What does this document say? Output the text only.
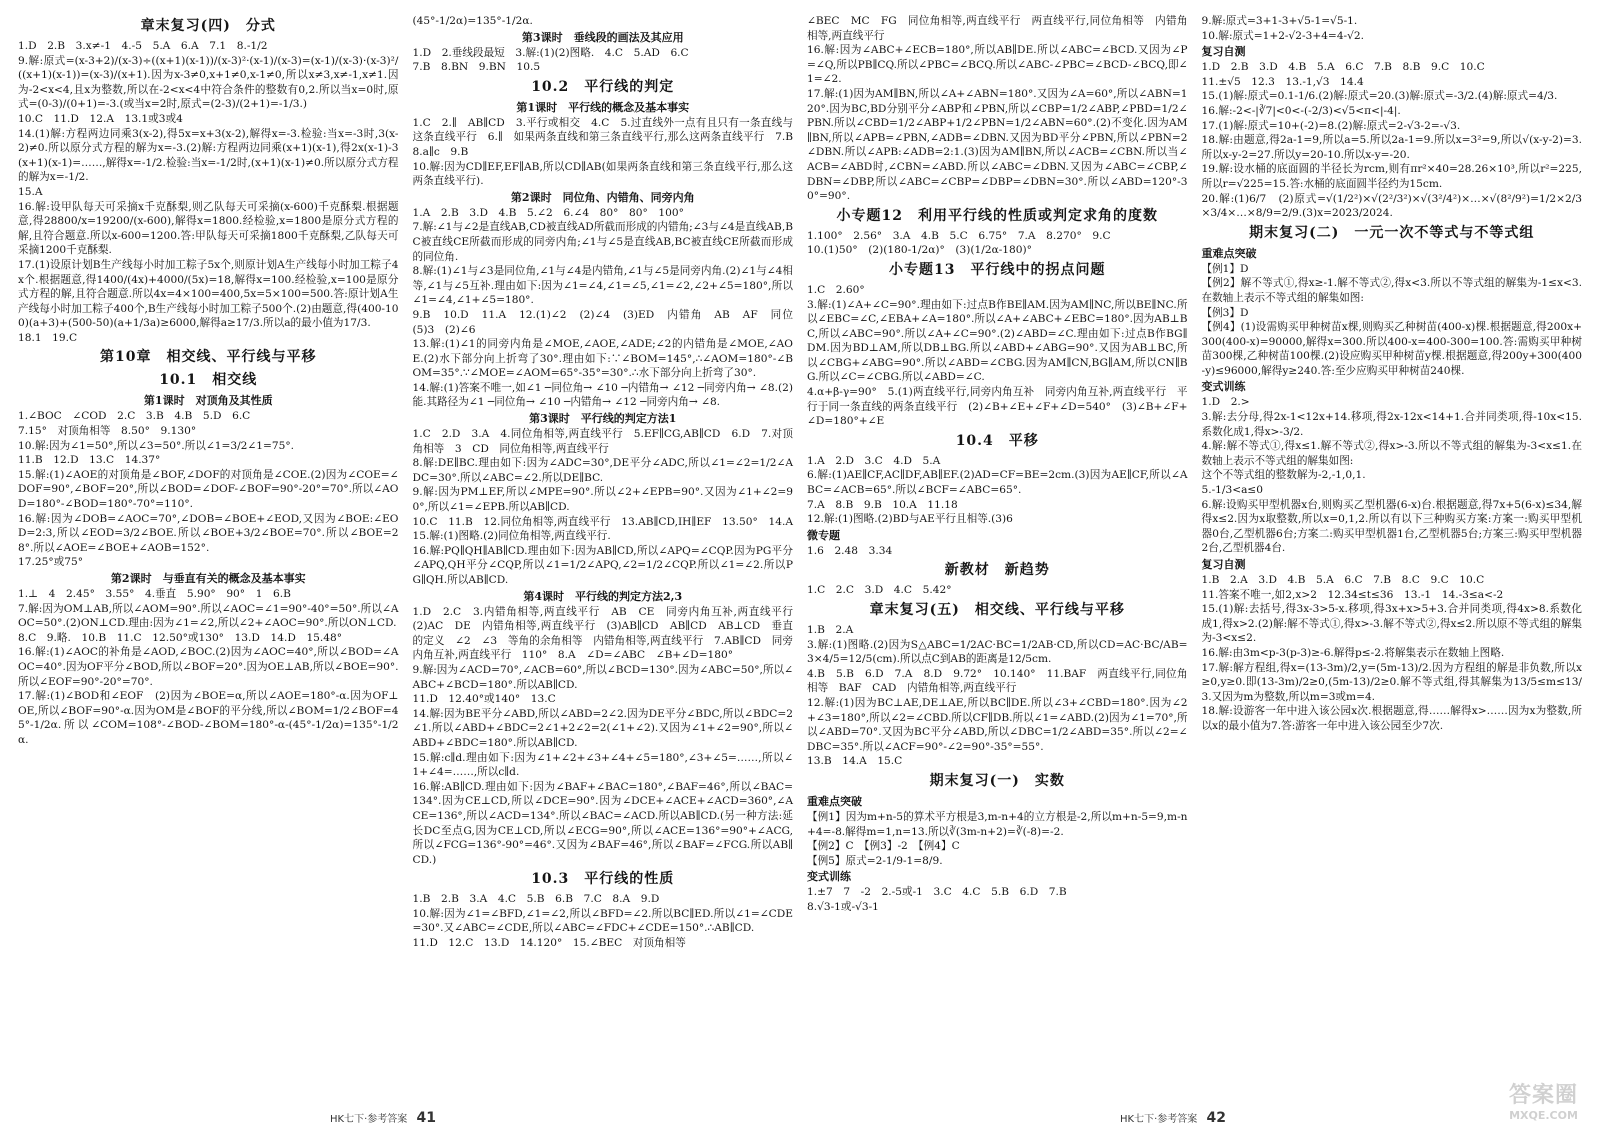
章末复习(四)　分式

1.D　2.B　3.x≠-1　4.-5　5.A　6.A　7.1　8.-1/2

9.解:原式=(x-3+2)/(x-3)÷((x+1)(x-1))/(x-3)²·(x-1)/(x-3)=(x-1)/(x-3)·(x-3)²/((x+1)(x-1))=(x-3)/(x+1).因为x-3≠0,x+1≠0,x-1≠0,所以x≠3,x≠-1,x≠1.因为-2<x<4,且x为整数,所以在-2<x<4中符合条件的整数有0,2.所以当x=0时,原式=(0-3)/(0+1)=-3.(或当x=2时,原式=(2-3)/(2+1)=-1/3.)

10.C　11.D　12.A　13.1或3或4

14.(1)解:方程两边同乘3(x-2),得5x=x+3(x-2),解得x=-3.检验:当x=-3时,3(x-2)≠0.所以原分式方程的解为x=-3.(2)解:方程两边同乘(x+1)(x-1),得2x(x-1)-3(x+1)(x-1)=……,解得x=-1/2.检验:当x=-1/2时,(x+1)(x-1)≠0.所以原分式方程的解为x=-1/2.

15.A

16.解:设甲队每天可采摘x千克酥梨,则乙队每天可采摘(x-600)千克酥梨.根据题意,得28800/x=19200/(x-600),解得x=1800.经检验,x=1800是原分式方程的解,且符合题意.所以x-600=1200.答:甲队每天可采摘1800千克酥梨,乙队每天可采摘1200千克酥梨.

17.(1)设原计划B生产线每小时加工粽子5x个,则原计划A生产线每小时加工粽子4x个.根据题意,得1400/(4x)+4000/(5x)=18,解得x=100.经检验,x=100是原分式方程的解,且符合题意.所以4x=4×100=400,5x=5×100=500.答:原计划A生产线每小时加工粽子400个,B生产线每小时加工粽子500个.(2)由题意,得(400-100)(a+3)+(500-50)(a+1/3a)≥6000,解得a≥17/3.所以a的最小值为17/3.

18.1　19.C

第10章　相交线、平行线与平移
10.1　相交线
第1课时　对顶角及其性质

1.∠BOC　∠COD　2.C　3.B　4.B　5.D　6.C

7.15°　对顶角相等　8.50°　9.130°

10.解:因为∠1=50°,所以∠3=50°.所以∠1=3/2∠1=75°.

11.B　12.D　13.C　14.37°

15.解:(1)∠AOE的对顶角是∠BOF,∠DOF的对顶角是∠COE.(2)因为∠COE=∠DOF=90°,∠BOF=20°,所以∠BOD=∠DOF-∠BOF=90°-20°=70°.所以∠AOD=180°-∠BOD=180°-70°=110°.

16.解:因为∠DOB=∠AOC=70°,∠DOB=∠BOE+∠EOD,又因为∠BOE:∠EOD=2:3,所以∠EOD=3/2∠BOE.所以∠BOE+3/2∠BOE=70°.所以∠BOE=28°.所以∠AOE=∠BOE+∠AOB=152°.

17.25°或75°

第2课时　与垂直有关的概念及基本事实

1.⊥　4　2.45°　3.55°　4.垂直　5.90°　90°　1　6.B

7.解:因为OM⊥AB,所以∠AOM=90°.所以∠AOC=∠1=90°-40°=50°.所以∠AOC=50°.(2)ON⊥CD.理由:因为∠1=∠2,所以∠2+∠AOC=90°.所以ON⊥CD.

8.C　9.略.　10.B　11.C　12.50°或130°　13.D　14.D　15.48°

16.解:(1)∠AOC的补角是∠AOD,∠BOC.(2)因为∠AOC=40°,所以∠BOD=∠AOC=40°.因为OF平分∠BOD,所以∠BOF=20°.因为OE⊥AB,所以∠BOE=90°.所以∠EOF=90°-20°=70°.

17.解:(1)∠BOD和∠EOF　(2)因为∠BOE=α,所以∠AOE=180°-α.因为OF⊥OE,所以∠BOF=90°-α.因为OM是∠BOF的平分线,所以∠BOM=1/2∠BOF=45°-1/2α.所以∠COM=108°-∠BOD-∠BOM=180°-α-(45°-1/2α)=135°-1/2α.

(45°-1/2α)=135°-1/2α.

第3课时　垂线段的画法及其应用

1.D　2.垂线段最短　3.解:(1)(2)图略.　4.C　5.AD　6.C

7.B　8.BN　9.BN　10.5

10.2　平行线的判定
第1课时　平行线的概念及基本事实

1.C　2.∥　AB∥CD　3.平行或相交　4.C　5.过直线外一点有且只有一条直线与这条直线平行　6.∥　如果两条直线和第三条直线平行,那么这两条直线平行　7.B　8.a∥c　9.B

10.解:因为CD∥EF,EF∥AB,所以CD∥AB(如果两条直线和第三条直线平行,那么这两条直线平行).

第2课时　同位角、内错角、同旁内角

1.A　2.B　3.D　4.B　5.∠2　6.∠4　80°　80°　100°

7.解:∠1与∠2是直线AB,CD被直线AD所截而形成的内错角;∠3与∠4是直线AB,BC被直线CE所截而形成的同旁内角;∠1与∠5是直线AB,BC被直线CE所截而形成的同位角.

8.解:(1)∠1与∠3是同位角,∠1与∠4是内错角,∠1与∠5是同旁内角.(2)∠1与∠4相等,∠1与∠5互补.理由如下:因为∠1=∠4,∠1=∠5,∠1=∠2,∠2+∠5=180°,所以∠1=∠4,∠1+∠5=180°.

9.B　10.D　11.A　12.(1)∠2　(2)∠4　(3)ED　内错角　AB　AF　同位　(5)3　(2)∠6

13.解:(1)∠1的同旁内角是∠MOE,∠AOE,∠ADE;∠2的内错角是∠MOE,∠AOE.(2)水下部分向上折弯了30°.理由如下:∵∠BOM=145°,∴∠AOM=180°-∠BOM=35°.∵∠MOE=∠AOM=65°-35°=30°.∴水下部分向上折弯了30°.

14.解:(1)答案不唯一,如∠1 ─同位角→ ∠10 ─内错角→ ∠12 ─同旁内角→ ∠8.(2)能.其路径为∠1 ─同位角→ ∠10 ─内错角→ ∠12 ─同旁内角→ ∠8.

第3课时　平行线的判定方法1

1.C　2.D　3.A　4.同位角相等,两直线平行　5.EF∥CG,AB∥CD　6.D　7.对顶角相等　3　CD　同位角相等,两直线平行

8.解:DE∥BC.理由如下:因为∠ADC=30°,DE平分∠ADC,所以∠1=∠2=1/2∠ADC=30°.所以∠ABC=∠2.所以DE∥BC.

9.解:因为PM⊥EF,所以∠MPE=90°.所以∠2+∠EPB=90°.又因为∠1+∠2=90°,所以∠1=∠EPB.所以AB∥CD.

10.C　11.B　12.同位角相等,两直线平行　13.AB∥CD,IH∥EF　13.50°　14.A　15.解:(1)图略.(2)同位角相等,两直线平行.

16.解:PQ∥QH∥AB∥CD.理由如下:因为AB∥CD,所以∠APQ=∠CQP.因为PG平分∠APQ,QH平分∠CQP,所以∠1=1/2∠APQ,∠2=1/2∠CQP.所以∠1=∠2.所以PG∥QH.所以AB∥CD.

第4课时　平行线的判定方法2,3

1.D　2.C　3.内错角相等,两直线平行　AB　CE　同旁内角互补,两直线平行　(2)AC　DE　内错角相等,两直线平行　(3)AB∥CD　AB∥CD　AB⊥CD　垂直的定义　∠2　∠3　等角的余角相等　内错角相等,两直线平行　7.AB∥CD　同旁内角互补,两直线平行　110°　8.A　∠D=∠ABC　∠B+∠D=180°

9.解:因为∠ACD=70°,∠ACB=60°,所以∠BCD=130°.因为∠ABC=50°,所以∠ABC+∠BCD=180°.所以AB∥CD.

11.D　12.40°或140°　13.C

14.解:因为BE平分∠ABD,所以∠ABD=2∠2.因为DE平分∠BDC,所以∠BDC=2∠1.所以∠ABD+∠BDC=2∠1+2∠2=2(∠1+∠2).又因为∠1+∠2=90°,所以∠ABD+∠BDC=180°.所以AB∥CD.

15.解:c∥d.理由如下:因为∠1+∠2+∠3+∠4+∠5=180°,∠3+∠5=……,所以∠1+∠4=……,所以c∥d.

16.解:AB∥CD.理由如下:因为∠BAF+∠BAC=180°,∠BAF=46°,所以∠BAC=134°.因为CE⊥CD,所以∠DCE=90°.因为∠DCE+∠ACE+∠ACD=360°,∠ACE=136°,所以∠ACD=134°.所以∠BAC=∠ACD.所以AB∥CD.(另一种方法:延长DC至点G,因为CE⊥CD,所以∠ECG=90°,所以∠ACE=136°=90°+∠ACG,所以∠FCG=136°-90°=46°.又因为∠BAF=46°,所以∠BAF=∠FCG.所以AB∥CD.)

10.3　平行线的性质

1.B　2.B　3.A　4.C　5.B　6.B　7.C　8.A　9.D

10.解:因为∠1=∠BFD,∠1=∠2,所以∠BFD=∠2.所以BC∥ED.所以∠1=∠CDE=30°.又∠ABC=∠CDE,所以∠ABC=∠FDC+∠CDE=150°.∴AB∥CD.

11.D　12.C　13.D　14.120°　15.∠BEC　对顶角相等

∠BEC　MC　FG　同位角相等,两直线平行　两直线平行,同位角相等　内错角相等,两直线平行

16.解:因为∠ABC+∠ECB=180°,所以AB∥DE.所以∠ABC=∠BCD.又因为∠P=∠Q,所以PB∥CQ.所以∠PBC=∠BCQ.所以∠ABC-∠PBC=∠BCD-∠BCQ,即∠1=∠2.

17.解:(1)因为AM∥BN,所以∠A+∠ABN=180°.又因为∠A=60°,所以∠ABN=120°.因为BC,BD分别平分∠ABP和∠PBN,所以∠CBP=1/2∠ABP,∠PBD=1/2∠PBN.所以∠CBD=1/2∠ABP+1/2∠PBN=1/2∠ABN=60°.(2)不变化.因为AM∥BN,所以∠APB=∠PBN,∠ADB=∠DBN.又因为BD平分∠PBN,所以∠PBN=2∠DBN.所以∠APB:∠ADB=2:1.(3)因为AM∥BN,所以∠ACB=∠CBN.所以当∠ACB=∠ABD时,∠CBN=∠ABD.所以∠ABC=∠DBN.又因为∠ABC=∠CBP,∠DBN=∠DBP,所以∠ABC=∠CBP=∠DBP=∠DBN=30°.所以∠ABD=120°-30°=90°.

小专题12　利用平行线的性质或判定求角的度数

1.100°　2.56°　3.A　4.B　5.C　6.75°　7.A　8.270°　9.C

10.(1)50°　(2)(180-1/2α)°　(3)(1/2α-180)°

小专题13　平行线中的拐点问题

1.C　2.60°

3.解:(1)∠A+∠C=90°.理由如下:过点B作BE∥AM.因为AM∥NC,所以BE∥NC.所以∠EBC=∠C,∠EBA+∠A=180°.所以∠A+∠ABC+∠EBC=180°.因为AB⊥BC,所以∠ABC=90°.所以∠A+∠C=90°.(2)∠ABD=∠C.理由如下:过点B作BG∥DM.因为BD⊥AM,所以DB⊥BG.所以∠ABD+∠ABG=90°.又因为AB⊥BC,所以∠CBG+∠ABG=90°.所以∠ABD=∠CBG.因为AM∥CN,BG∥AM,所以CN∥BG.所以∠C=∠CBG.所以∠ABD=∠C.

4.α+β-γ=90°　5.(1)两直线平行,同旁内角互补　同旁内角互补,两直线平行　平行于同一条直线的两条直线平行　(2)∠B+∠E+∠F+∠D=540°　(3)∠B+∠F+∠D=180°+∠E

10.4　平移

1.A　2.D　3.C　4.D　5.A

6.解:(1)AE∥CF,AC∥DF,AB∥EF.(2)AD=CF=BE=2cm.(3)因为AE∥CF,所以∠ABC=∠ACB=65°.所以∠BCF=∠ABC=65°.

7.A　8.B　9.B　10.A　11.18

12.解:(1)图略.(2)BD与AE平行且相等.(3)6

微专题

1.6　2.48　3.34

新教材　新趋势

1.C　2.C　3.D　4.C　5.42°

章末复习(五)　相交线、平行线与平移

1.B　2.A

3.解:(1)图略.(2)因为S△ABC=1/2AC·BC=1/2AB·CD,所以CD=AC·BC/AB=3×4/5=12/5(cm).所以点C到AB的距离是12/5cm.

4.B　5.B　6.D　7.A　8.D　9.72°　10.140°　11.BAF　两直线平行,同位角相等　BAF　CAD　内错角相等,两直线平行

12.解:(1)因为BC⊥AE,DE⊥AE,所以BC∥DE.所以∠3+∠CBD=180°.因为∠2+∠3=180°,所以∠2=∠CBD.所以CF∥DB.所以∠1=∠ABD.(2)因为∠1=70°,所以∠ABD=70°.又因为BC平分∠ABD,所以∠DBC=1/2∠ABD=35°.所以∠2=∠DBC=35°.所以∠ACF=90°-∠2=90°-35°=55°.

13.B　14.A　15.C

期末复习(一)　实数
重难点突破

【例1】因为m+n-5的算术平方根是3,m-n+4的立方根是-2,所以m+n-5=9,m-n+4=-8.解得m=1,n=13.所以∛(3m-n+2)=∛(-8)=-2.

【例2】C　【例3】-2　【例4】C

【例5】原式=2-1/9-1=8/9.

变式训练

1.±7　7　-2　2.-5或-1　3.C　4.C　5.B　6.D　7.B

8.√3-1或-√3-1

9.解:原式=3+1-3+√5-1=√5-1.

10.解:原式=1+2-√2-3+4=4-√2.

复习自测

1.D　2.B　3.D　4.B　5.A　6.C　7.B　8.B　9.C　10.C

11.±√5　12.3　13.-1,√3　14.4

15.(1)解:原式=0.1-1/6.(2)解:原式=20.(3)解:原式=-3/2.(4)解:原式=4/3.

16.解:-2<-|∛7|<0<-(-2/3)<√5<π<|-4|.

17.(1)解:原式=10+(-2)=8.(2)解:原式=2-√3-2=-√3.

18.解:由题意,得2a-1=9,所以a=5.所以2a-1=9.所以x=3²=9,所以√(x-y-2)=3.所以x-y-2=27.所以y=20-10.所以x-y=-20.

19.解:设水桶的底面圆的半径长为rcm,则有πr²×40=28.26×10³,所以r²=225,所以r=√225=15.答:水桶的底面圆半径约为15cm.

20.解:(1)6/7　(2)原式=√(1/2²)×√(2²/3²)×√(3²/4²)×…×√(8²/9²)=1/2×2/3×3/4×…×8/9=2/9.(3)x=2023/2024.

期末复习(二)　一元一次不等式与不等式组
重难点突破

【例1】D

【例2】解不等式①,得x≥-1.解不等式②,得x<3.所以不等式组的解集为-1≤x<3.在数轴上表示不等式组的解集如图:

【例3】D

【例4】(1)设需购买甲种树苗x棵,则购买乙种树苗(400-x)棵.根据题意,得200x+300(400-x)=90000,解得x=300.所以400-x=400-300=100.答:需购买甲种树苗300棵,乙种树苗100棵.(2)设应购买甲种树苗y棵.根据题意,得200y+300(400-y)≤96000,解得y≥240.答:至少应购买甲种树苗240棵.

变式训练

1.D　2.>

3.解:去分母,得2x-1<12x+14.移项,得2x-12x<14+1.合并同类项,得-10x<15.系数化成1,得x>-3/2.

4.解:解不等式①,得x≤1.解不等式②,得x>-3.所以不等式组的解集为-3<x≤1.在数轴上表示不等式组的解集如图:

这个不等式组的整数解为-2,-1,0,1.

5.-1/3<a≤0

6.解:设购买甲型机器x台,则购买乙型机器(6-x)台.根据题意,得7x+5(6-x)≤34,解得x≤2.因为x取整数,所以x=0,1,2.所以有以下三种购买方案:方案一:购买甲型机器0台,乙型机器6台;方案二:购买甲型机器1台,乙型机器5台;方案三:购买甲型机器2台,乙型机器4台.

复习自测

1.B　2.A　3.D　4.B　5.A　6.C　7.B　8.C　9.C　10.C

11.答案不唯一,如2,x>2　12.34≤t≤36　13.-1　14.-3≤a<-2

15.(1)解:去括号,得3x-3>5-x.移项,得3x+x>5+3.合并同类项,得4x>8.系数化成1,得x>2.(2)解:解不等式①,得x>-3.解不等式②,得x≤2.所以原不等式组的解集为-3<x≤2.

16.解:由3m<p-3(p-3)≥-6.解得p≤-2.将解集表示在数轴上图略.

17.解:解方程组,得x=(13-3m)/2,y=(5m-13)/2.因为方程组的解是非负数,所以x≥0,y≥0.即(13-3m)/2≥0,(5m-13)/2≥0.解不等式组,得其解集为13/5≤m≤13/3.又因为m为整数,所以m=3或m=4.

18.解:设游客一年中进入该公园x次.根据题意,得……解得x>……因为x为整数,所以x的最小值为7.答:游客一年中进入该公园至少7次.

HK七下·参考答案 41	HK七下·参考答案 42
答案圈
MXQE.COM
